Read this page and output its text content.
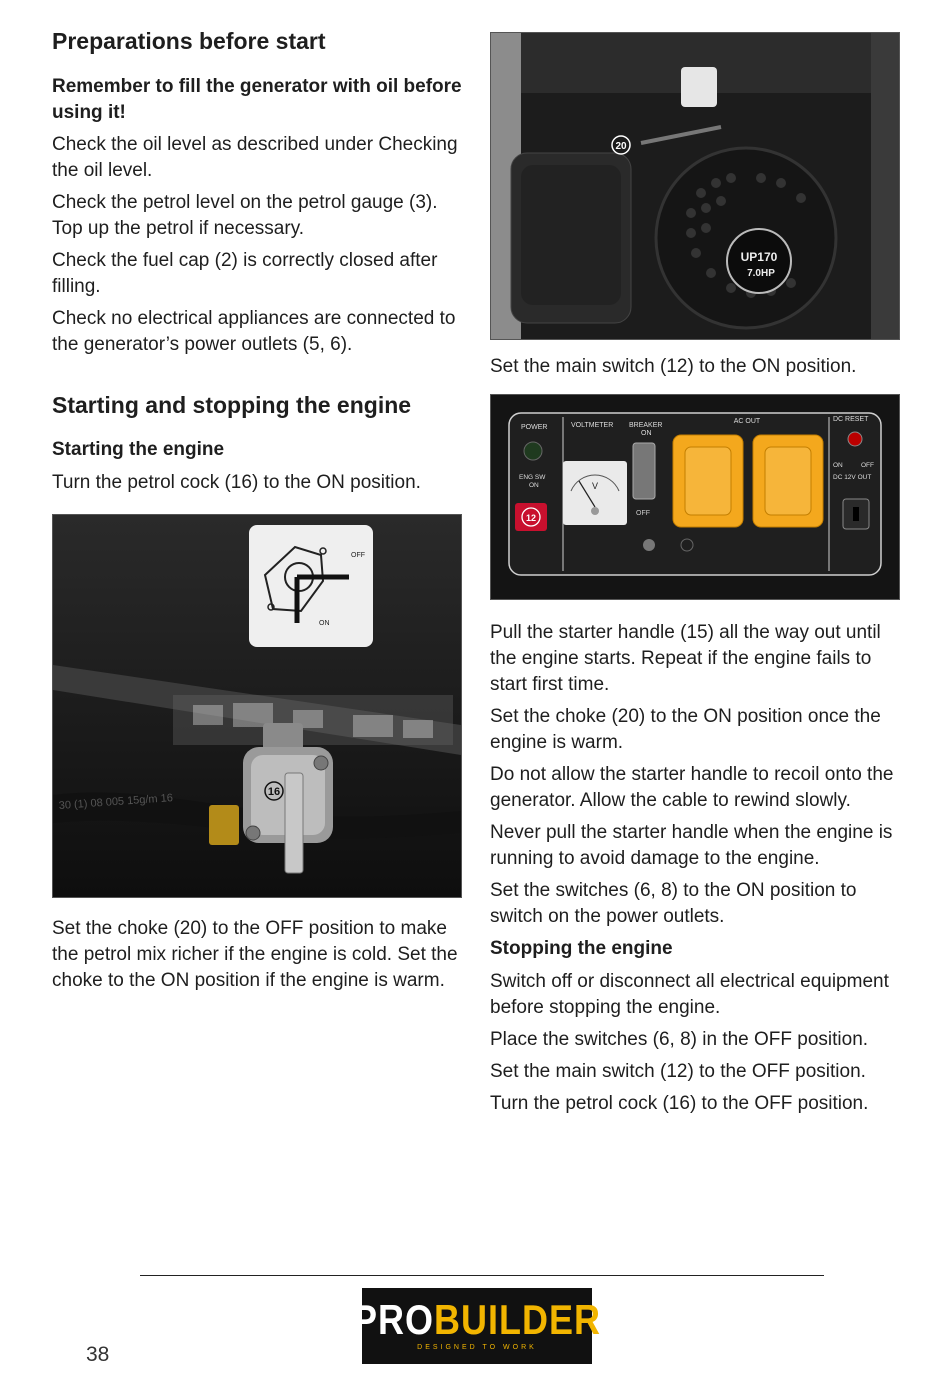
Preparations before start

Remember to fill the generator with oil before using it!

Check the oil level as described under Checking the oil level.

Check the petrol level on the petrol gauge (3). Top up the petrol if necessary.

Check the fuel cap (2) is correctly closed after filling.

Check no electrical appliances are connected to the generator’s power outlets (5, 6).

Starting and stopping the engine
Starting the engine

Turn the petrol cock (16) to the ON position.

OFF
ON
30 (1) 08 005 15g/m 16
16

Set the choke (20) to the OFF position to make the petrol mix richer if the engine is cold. Set the choke to the ON position if the engine is warm.

UP170
7.0HP
20

Set the main switch (12) to the ON position.

POWER
ENG SW
ON
12
VOLTMETER
V
BREAKER
ON
OFF
AC OUT	DC RESET
ON	OFF
DC 12V OUT

Pull the starter handle (15) all the way out until the engine starts. Repeat if the engine fails to start first time.

Set the choke (20) to the ON position once the engine is warm.

Do not allow the starter handle to recoil onto the generator. Allow the cable to rewind slowly.

Never pull the starter handle when the engine is running to avoid damage to the engine.

Set the switches (6, 8) to the ON position to switch on the power outlets.

Stopping the engine

Switch off or disconnect all electrical equipment before stopping the engine.

Place the switches (6, 8) in the OFF position.

Set the main switch (12) to the OFF position.

Turn the petrol cock (16) to the OFF position.

PROBUILDER
DESIGNED TO WORK
38
